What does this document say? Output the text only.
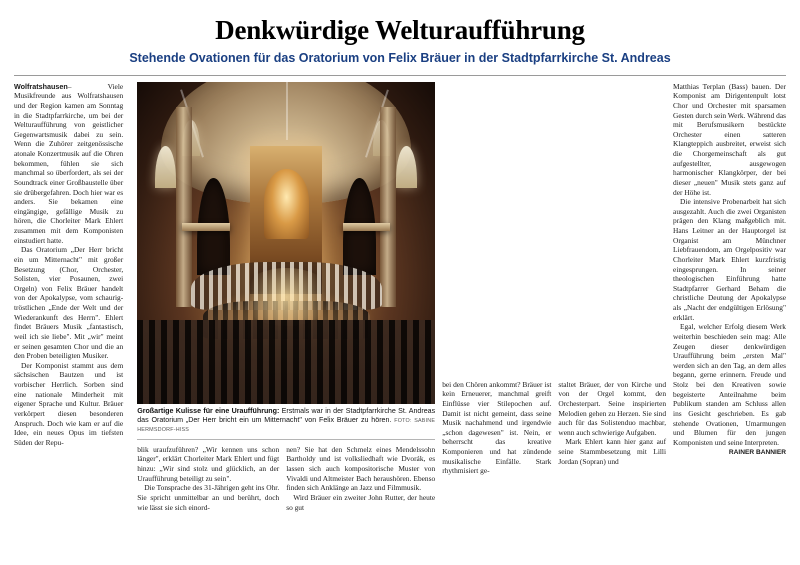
Denkwürdige Welturaufführung
Stehende Ovationen für das Oratorium von Felix Bräuer in der Stadtpfarrkirche St. Andreas

Wolfratshausen– Viele Musikfreunde aus Wolfratshausen und der Region kamen am Sonntag in die Stadtpfarrkirche, um bei der Welturaufführung von geistlicher Gegenwartsmusik dabei zu sein. Wenn die Zuhörer zeitgenössische atonale Konzertmusik auf die Ohren bekommen, fühlen sie sich manchmal so überfordert, als sei der Soundtrack einer Großbaustelle über sie drübergefahren. Doch hier war es anders. Sie bekamen eine eingängige, gefällige Musik zu hören, die Chorleiter Mark Ehlert zusammen mit dem Komponisten einstudiert hatte.

Das Oratorium „Der Herr bricht ein um Mitternacht" mit großer Besetzung (Chor, Orchester, Solisten, vier Posaunen, zwei Orgeln) von Felix Bräuer handelt von der Apokalypse, vom schaurig-tröstlichen „Ende der Welt und der Wiederankunft des Herrn". Ehlert findet Bräuers Musik „fantastisch, weil ich sie liebe". Mit „wir" meint er seinen gesamten Chor und die an den Proben beteiligten Musiker.

Der Komponist stammt aus dem sächsischen Bautzen und ist vorbischer Herrlich. Sorben sind eine nationale Minderheit mit eigener Sprache und Kultur. Bräuer verkörpert diesen besonderen Anspruch. Doch wie kam er auf die Idee, ein neues Opus im tiefsten Süden der Repu-

Großartige Kulisse für eine Uraufführung: Erstmals war in der Stadtpfarrkirche St. Andreas das Oratorium „Der Herr bricht ein um Mitternacht" von Felix Bräuer zu hören. FOTO: SABINE HERMSDORF-HISS

blik uraufzuführen? „Wir kennen uns schon länger", erklärt Chorleiter Mark Ehlert und fügt hinzu: „Wir sind stolz und glücklich, an der Uraufführung beteiligt zu sein".

Die Tonsprache des 31-Jährigen geht ins Ohr. Sie spricht unmittelbar an und berührt, doch wie lässt sie sich einord-

nen? Sie hat den Schmelz eines Mendelssohn Bartholdy und ist volksliedhaft wie Dvorák, es lassen sich auch kompositorische Muster von Vivaldi und Altmeister Bach heraushören. Ebenso finden sich Anklänge an Jazz und Filmmusik.

Wird Bräuer ein zweiter John Rutter, der heute so gut

bei den Chören ankommt? Bräuer ist kein Erneuerer, manchmal greift Einflüsse vier Stilepochen auf. Damit ist nicht gemeint, dass seine Musik nachahmend und irgendwie „schon dagewesen" ist. Nein, er beherrscht das kreative Komponieren und hat zündende musikalische Einfälle. Stark rhythmisiert ge-

staltet Bräuer, der von Kirche und von der Orgel kommt, den Orchesterpart. Seine inspirierten Melodien gehen zu Herzen. Sie sind auch für das Solistenduo machbar, wenn auch schwierige Aufgaben.

Mark Ehlert kann hier ganz auf seine Stammbesetzung mit Lilli Jordan (Sopran) und

Matthias Terplan (Bass) bauen. Der Komponist am Dirigentenpult lotst Chor und Orchester mit sparsamen Gesten durch sein Werk. Während das mit Berufsmusikern bestückte Orchester einen satteren Klangteppich ausbreitet, erweist sich die Chorgemeinschaft als gut aufgestellter, ausgewogen harmonischer Klangkörper, der bei dieser „neuen" Musik stets ganz auf der Höhe ist.

Die intensive Probenarbeit hat sich ausgezahlt. Auch die zwei Organisten prägen den Klang maßgeblich mit. Hans Leitner an der Hauptorgel ist Organist am Münchner Liebfrauendom, am Orgelpositiv war Chorleiter Mark Ehlert kurzfristig eingesprungen. In seiner theologischen Einführung hatte Stadtpfarrer Gerhard Beham die christliche Deutung der Apokalypse als „Nacht der endgültigen Erlösung" erklärt.

Egal, welcher Erfolg diesem Werk weiterhin beschieden sein mag: Alle Zeugen dieser denkwürdigen Uraufführung beim „ersten Mal" werden sich an den Tag, an dem alles begann, gerne erinnern. Freude und Stolz bei den Kreativen sowie begeisterte Anteilnahme beim Publikum standen am Schluss allen ins Gesicht geschrieben. Es gab stehende Ovationen, Umarmungen und Blumen für den jungen Komponisten und seine Interpreten.

RAINER BANNIER
